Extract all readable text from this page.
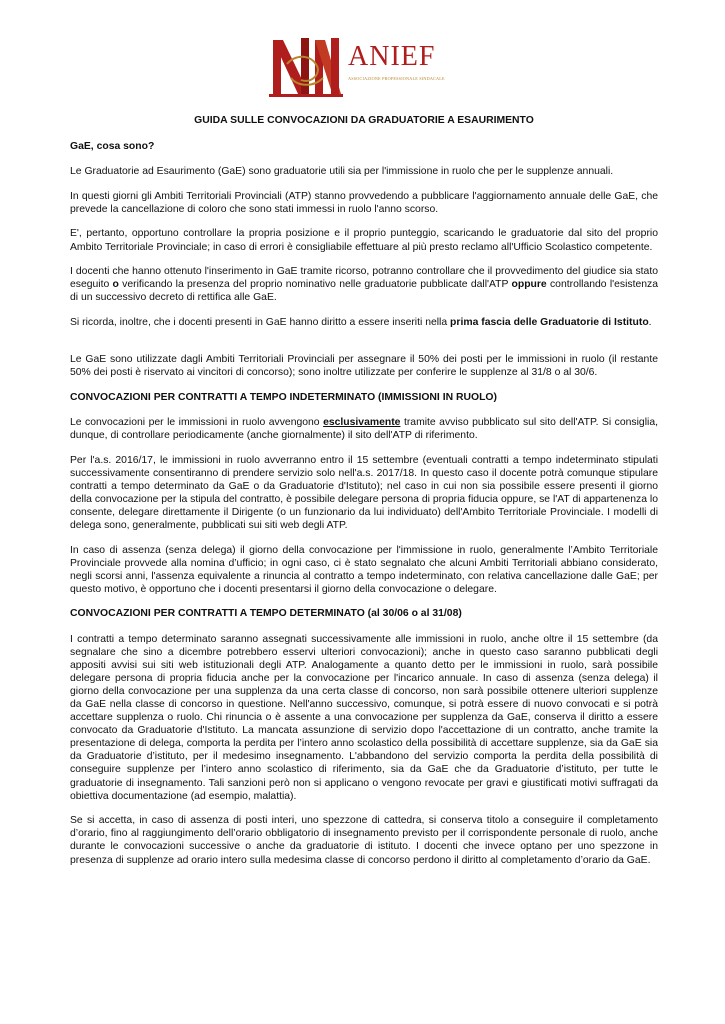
ANIEF
ASSOCIAZIONE PROFESSIONALE SINDACALE
GUIDA SULLE CONVOCAZIONI DA GRADUATORIE A ESAURIMENTO
GaE, cosa sono?

Le Graduatorie ad Esaurimento (GaE) sono graduatorie utili sia per l'immissione in ruolo che per le supplenze annuali.

In questi giorni gli Ambiti Territoriali Provinciali (ATP) stanno provvedendo a pubblicare l'aggiornamento annuale delle GaE, che prevede la cancellazione di coloro che sono stati immessi in ruolo l'anno scorso.

E', pertanto, opportuno controllare la propria posizione e il proprio punteggio, scaricando le graduatorie dal sito del proprio Ambito Territoriale Provinciale; in caso di errori è consigliabile effettuare al più presto reclamo all'Ufficio Scolastico competente.

I docenti che hanno ottenuto l'inserimento in GaE tramite ricorso, potranno controllare che il provvedimento del giudice sia stato eseguito o verificando la presenza del proprio nominativo nelle graduatorie pubblicate dall'ATP oppure controllando l'esistenza di un successivo decreto di rettifica alle GaE.

Si ricorda, inoltre, che i docenti presenti in GaE hanno diritto a essere inseriti nella prima fascia delle Graduatorie di Istituto.

Le GaE sono utilizzate dagli Ambiti Territoriali Provinciali per assegnare il 50% dei posti per le immissioni in ruolo (il restante 50% dei posti è riservato ai vincitori di concorso); sono inoltre utilizzate per conferire le supplenze al 31/8 o al 30/6.

CONVOCAZIONI PER CONTRATTI A TEMPO INDETERMINATO (IMMISSIONI IN RUOLO)

Le convocazioni per le immissioni in ruolo avvengono esclusivamente tramite avviso pubblicato sul sito dell'ATP. Si consiglia, dunque, di controllare periodicamente (anche giornalmente) il sito dell'ATP di riferimento.

Per l'a.s. 2016/17, le immissioni in ruolo avverranno entro il 15 settembre (eventuali contratti a tempo indeterminato stipulati successivamente consentiranno di prendere servizio solo nell'a.s. 2017/18. In questo caso il docente potrà comunque stipulare contratti a tempo determinato da GaE o da Graduatorie d'Istituto); nel caso in cui non sia possibile essere presenti il giorno della convocazione per la stipula del contratto, è possibile delegare persona di propria fiducia oppure, se l'AT di appartenenza lo consente, delegare direttamente il Dirigente (o un funzionario da lui individuato) dell'Ambito Territoriale Provinciale. I modelli di delega sono, generalmente, pubblicati sui siti web degli ATP.

In caso di assenza (senza delega) il giorno della convocazione per l'immissione in ruolo, generalmente l’Ambito Territoriale Provinciale provvede alla nomina d’ufficio; in ogni caso, ci è stato segnalato che alcuni Ambiti Territoriali abbiano considerato, negli scorsi anni, l'assenza equivalente a rinuncia al contratto a tempo indeterminato, con relativa cancellazione dalle GaE; per questo motivo, è opportuno che i docenti presentarsi il giorno della convocazione o delegare.

CONVOCAZIONI PER CONTRATTI A TEMPO DETERMINATO (al 30/06 o al 31/08)

I contratti a tempo determinato saranno assegnati successivamente alle immissioni in ruolo, anche oltre il 15 settembre (da segnalare che sino a dicembre potrebbero esservi ulteriori convocazioni); anche in questo caso saranno pubblicati degli appositi avvisi sui siti web istituzionali degli ATP. Analogamente a quanto detto per le immissioni in ruolo, sarà possibile delegare persona di propria fiducia anche per la convocazione per l'incarico annuale. In caso di assenza (senza delega) il giorno della convocazione per una supplenza da una certa classe di concorso, non sarà possibile ottenere ulteriori supplenze da GaE nella classe di concorso in questione. Nell'anno successivo, comunque, si potrà essere di nuovo convocati e si potrà accettare supplenza o ruolo. Chi rinuncia o è assente a una convocazione per supplenza da GaE, conserva il diritto a essere convocato da Graduatorie d'Istituto. La mancata assunzione di servizio dopo l'accettazione di un contratto, anche tramite la presentazione di delega, comporta la perdita per l’intero anno scolastico della possibilità di accettare supplenze, sia da GaE sia da Graduatorie d’istituto, per il medesimo insegnamento. L'abbandono del servizio comporta la perdita della possibilità di conseguire supplenze per l’intero anno scolastico di riferimento, sia da GaE che da Graduatorie d’istituto, per tutte le graduatorie di insegnamento. Tali sanzioni però non si applicano o vengono revocate per gravi e giustificati motivi suffragati da obiettiva documentazione (ad esempio, malattia).

Se si accetta, in caso di assenza di posti interi, uno spezzone di cattedra, si conserva titolo a conseguire il completamento d’orario, fino al raggiungimento dell’orario obbligatorio di insegnamento previsto per il corrispondente personale di ruolo, anche durante le convocazioni successive o anche da graduatorie di istituto. I docenti che invece optano per uno spezzone in presenza di supplenze ad orario intero sulla medesima classe di concorso perdono il diritto al completamento d’orario da GaE.
